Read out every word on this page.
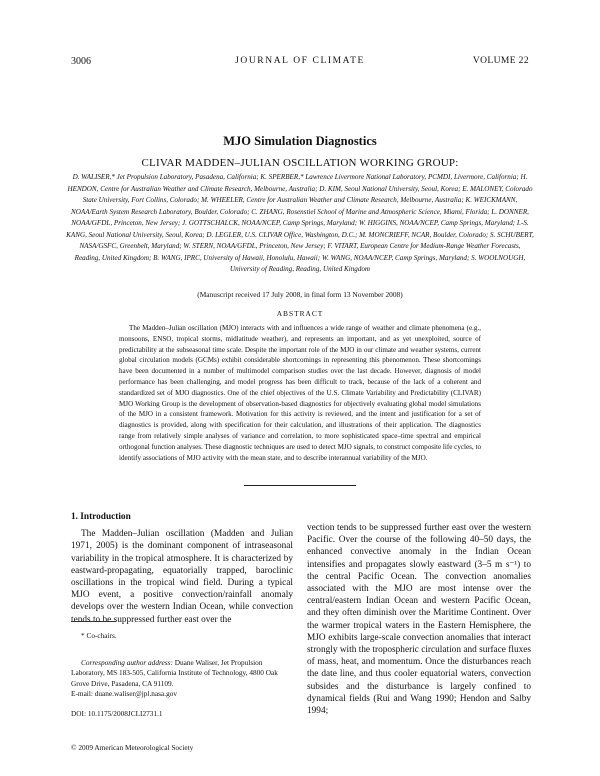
3006	JOURNAL OF CLIMATE	VOLUME 22
MJO Simulation Diagnostics
CLIVAR MADDEN–JULIAN OSCILLATION WORKING GROUP:
D. WALISER,* Jet Propulsion Laboratory, Pasadena, California; K. SPERBER,* Lawrence Livermore National Laboratory, PCMDI, Livermore, California; H. HENDON, Centre for Australian Weather and Climate Research, Melbourne, Australia; D. KIM, Seoul National University, Seoul, Korea; E. MALONEY, Colorado State University, Fort Collins, Colorado; M. WHEELER, Centre for Australian Weather and Climate Research, Melbourne, Australia; K. WEICKMANN, NOAA/Earth System Research Laboratory, Boulder, Colorado; C. ZHANG, Rosenstiel School of Marine and Atmospheric Science, Miami, Florida; L. DONNER, NOAA/GFDL, Princeton, New Jersey; J. GOTTSCHALCK, NOAA/NCEP, Camp Springs, Maryland; W. HIGGINS, NOAA/NCEP, Camp Springs, Maryland; I.-S. KANG, Seoul National University, Seoul, Korea; D. LEGLER, U.S. CLIVAR Office, Washington, D.C.; M. MONCRIEFF, NCAR, Boulder, Colorado; S. SCHUBERT, NASA/GSFC, Greenbelt, Maryland; W. STERN, NOAA/GFDL, Princeton, New Jersey; F. VITART, European Centre for Medium-Range Weather Forecasts, Reading, United Kingdom; B. WANG, IPRC, University of Hawaii, Honolulu, Hawaii; W. WANG, NOAA/NCEP, Camp Springs, Maryland; S. WOOLNOUGH, University of Reading, Reading, United Kingdom
(Manuscript received 17 July 2008, in final form 13 November 2008)
ABSTRACT
The Madden–Julian oscillation (MJO) interacts with and influences a wide range of weather and climate phenomena (e.g., monsoons, ENSO, tropical storms, midlatitude weather), and represents an important, and as yet unexploited, source of predictability at the subseasonal time scale. Despite the important role of the MJO in our climate and weather systems, current global circulation models (GCMs) exhibit considerable shortcomings in representing this phenomenon. These shortcomings have been documented in a number of multimodel comparison studies over the last decade. However, diagnosis of model performance has been challenging, and model progress has been difficult to track, because of the lack of a coherent and standardized set of MJO diagnostics. One of the chief objectives of the U.S. Climate Variability and Predictability (CLIVAR) MJO Working Group is the development of observation-based diagnostics for objectively evaluating global model simulations of the MJO in a consistent framework. Motivation for this activity is reviewed, and the intent and justification for a set of diagnostics is provided, along with specification for their calculation, and illustrations of their application. The diagnostics range from relatively simple analyses of variance and correlation, to more sophisticated space–time spectral and empirical orthogonal function analyses. These diagnostic techniques are used to detect MJO signals, to construct composite life cycles, to identify associations of MJO activity with the mean state, and to describe interannual variability of the MJO.
1. Introduction

The Madden–Julian oscillation (Madden and Julian 1971, 2005) is the dominant component of intraseasonal variability in the tropical atmosphere. It is characterized by eastward-propagating, equatorially trapped, baroclinic oscillations in the tropical wind field. During a typical MJO event, a positive convection/rainfall anomaly develops over the western Indian Ocean, while convection tends to be suppressed further east over the

vection tends to be suppressed further east over the western Pacific. Over the course of the following 40–50 days, the enhanced convective anomaly in the Indian Ocean intensifies and propagates slowly eastward (3–5 m s⁻¹) to the central Pacific Ocean. The convection anomalies associated with the MJO are most intense over the central/eastern Indian Ocean and western Pacific Ocean, and they often diminish over the Maritime Continent. Over the warmer tropical waters in the Eastern Hemisphere, the MJO exhibits large-scale convection anomalies that interact strongly with the tropospheric circulation and surface fluxes of mass, heat, and momentum. Once the disturbances reach the date line, and thus cooler equatorial waters, convection subsides and the disturbance is largely confined to dynamical fields (Rui and Wang 1990; Hendon and Salby 1994;

* Co-chairs.
Corresponding author address: Duane Waliser, Jet Propulsion Laboratory, MS 183-505, California Institute of Technology, 4800 Oak Grove Drive, Pasadena, CA 91109.
E-mail: duane.waliser@jpl.nasa.gov
DOI: 10.1175/2008JCLI2731.1
© 2009 American Meteorological Society
